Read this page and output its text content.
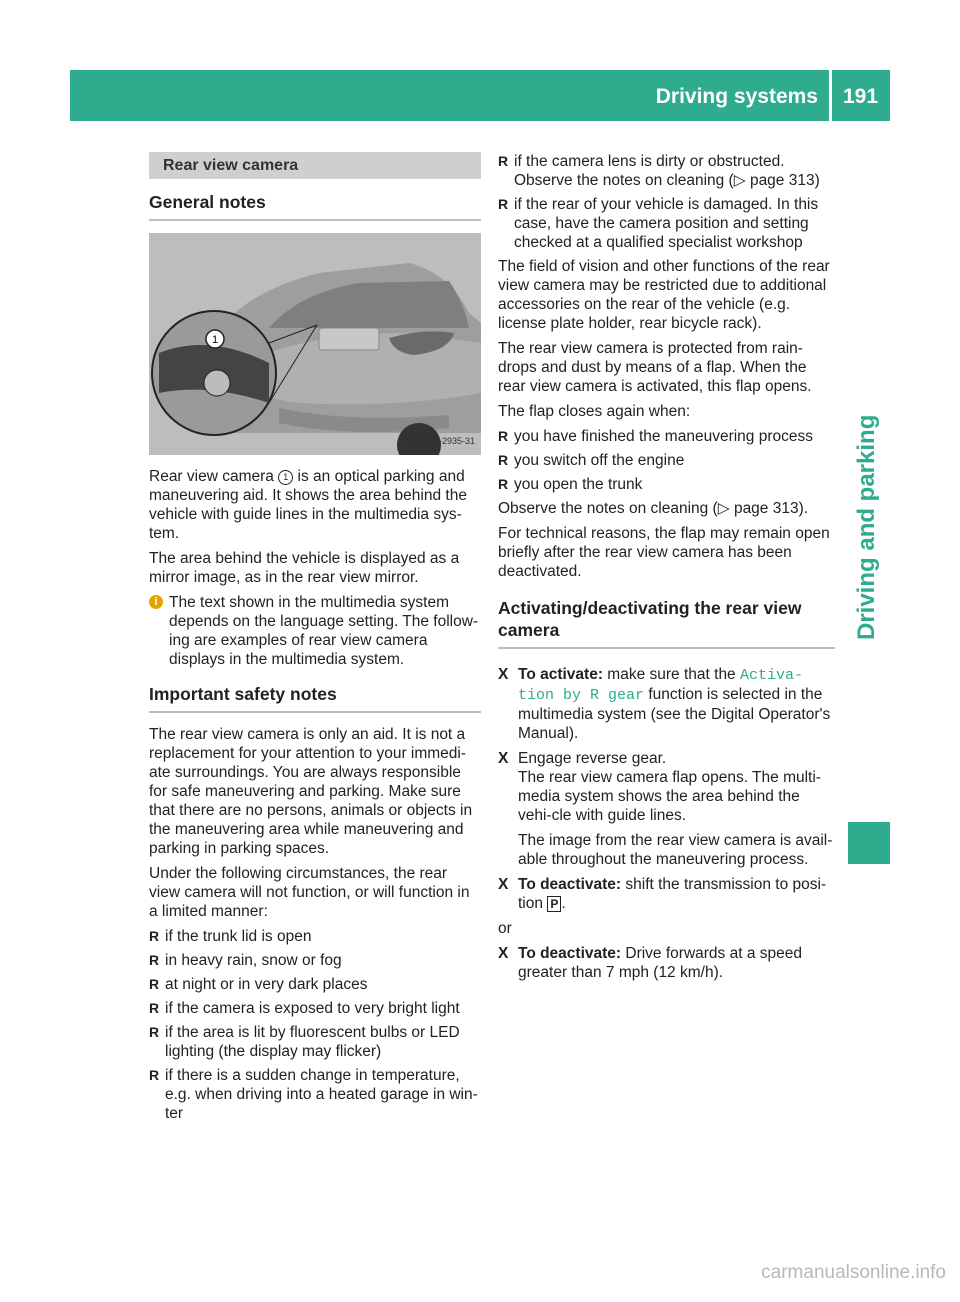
Driving systems 191
Driving and parking
Rear view camera
General notes
1
P54.00-2935-31

Rear view camera 1 is an optical parking and maneuvering aid. It shows the area behind the vehicle with guide lines in the multimedia sys-tem.

The area behind the vehicle is displayed as a mirror image, as in the rear view mirror.

i The text shown in the multimedia system depends on the language setting. The follow-ing are examples of rear view camera displays in the multimedia system.
Important safety notes

The rear view camera is only an aid. It is not a replacement for your attention to your immedi-ate surroundings. You are always responsible for safe maneuvering and parking. Make sure that there are no persons, animals or objects in the maneuvering area while maneuvering and parking in parking spaces.

Under the following circumstances, the rear view camera will not function, or will function in a limited manner:

R if the trunk lid is open
R in heavy rain, snow or fog
R at night or in very dark places
R if the camera is exposed to very bright light
R if the area is lit by fluorescent bulbs or LED lighting (the display may flicker)
R if there is a sudden change in temperature, e.g. when driving into a heated garage in win-ter
R if the camera lens is dirty or obstructed. Observe the notes on cleaning (▷ page 313)
R if the rear of your vehicle is damaged. In this case, have the camera position and setting checked at a qualified specialist workshop

The field of vision and other functions of the rear view camera may be restricted due to additional accessories on the rear of the vehicle (e.g. license plate holder, rear bicycle rack).

The rear view camera is protected from rain-drops and dust by means of a flap. When the rear view camera is activated, this flap opens.

The flap closes again when:

R you have finished the maneuvering process
R you switch off the engine
R you open the trunk

Observe the notes on cleaning (▷ page 313).

For technical reasons, the flap may remain open briefly after the rear view camera has been deactivated.

Activating/deactivating the rear view camera
X To activate: make sure that the Activa-tion by R gear function is selected in the multimedia system (see the Digital Operator's Manual).
X Engage reverse gear.
The rear view camera flap opens. The multi-media system shows the area behind the vehi-cle with guide lines.
The image from the rear view camera is avail-able throughout the maneuvering process.
X To deactivate: shift the transmission to posi-tion P .

or

X To deactivate: Drive forwards at a speed greater than 7 mph (12 km/h).
carmanualsonline.info
